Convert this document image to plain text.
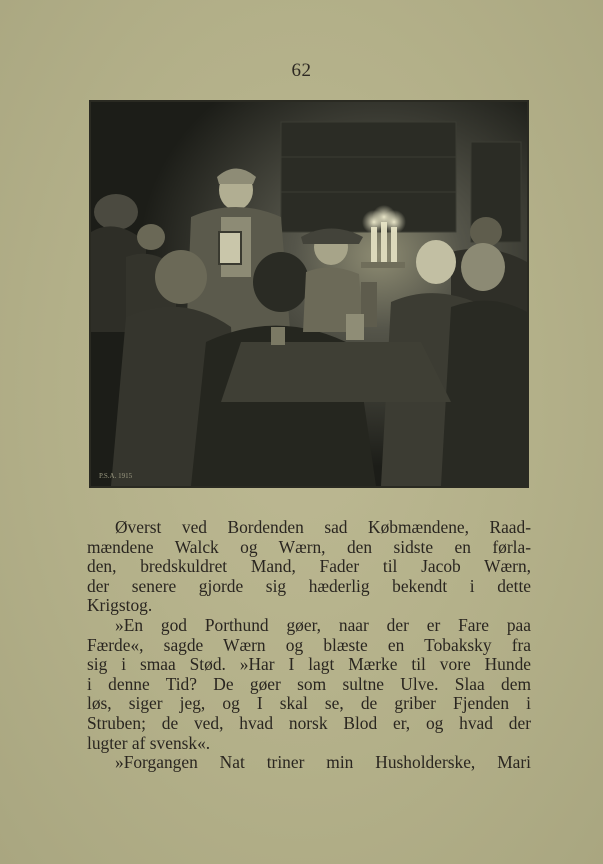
62
P.S.A. 1915
Øverst ved Bordenden sad Købmændene, Raad-
mændene Walck og Wærn, den sidste en førla-
den, bredskuldret Mand, Fader til Jacob Wærn,
der senere gjorde sig hæderlig bekendt i dette
Krigstog.
»En god Porthund gøer, naar der er Fare paa
Færde«, sagde Wærn og blæste en Tobaksky fra
sig i smaa Stød. »Har I lagt Mærke til vore Hunde
i denne Tid? De gøer som sultne Ulve. Slaa dem
løs, siger jeg, og I skal se, de griber Fjenden i
Struben; de ved, hvad norsk Blod er, og hvad der
lugter af svensk«.
»Forgangen Nat triner min Husholderske, Mari
